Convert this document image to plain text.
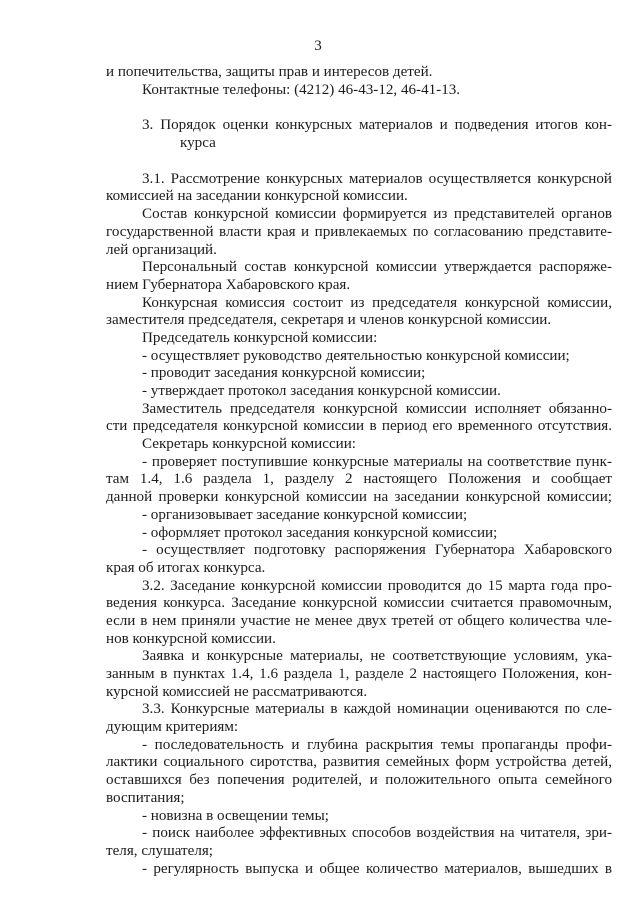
3
и попечительства, защиты прав и интересов детей.
Контактные телефоны: (4212) 46-43-12, 46-41-13.
3. Порядок оценки конкурсных материалов и подведения итогов кон-
курса
3.1. Рассмотрение конкурсных материалов осуществляется конкурсной
комиссией на заседании конкурсной комиссии.
Состав конкурсной комиссии формируется из представителей органов
государственной власти края и привлекаемых по согласованию представите-
лей организаций.
Персональный состав конкурсной комиссии утверждается распоряже-
нием Губернатора Хабаровского края.
Конкурсная комиссия состоит из председателя конкурсной комиссии,
заместителя председателя, секретаря и членов конкурсной комиссии.
Председатель конкурсной комиссии:
- осуществляет руководство деятельностью конкурсной комиссии;
- проводит заседания конкурсной комиссии;
- утверждает протокол заседания конкурсной комиссии.
Заместитель председателя конкурсной комиссии исполняет обязанно-
сти председателя конкурсной комиссии в период его временного отсутствия.
Секретарь конкурсной комиссии:
- проверяет поступившие конкурсные материалы на соответствие пунк-
там 1.4, 1.6 раздела 1, разделу 2 настоящего Положения и сообщает
данной проверки конкурсной комиссии на заседании конкурсной комиссии;
- организовывает заседание конкурсной комиссии;
- оформляет протокол заседания конкурсной комиссии;
- осуществляет подготовку распоряжения Губернатора Хабаровского
края об итогах конкурса.
3.2. Заседание конкурсной комиссии проводится до 15 марта года про-
ведения конкурса. Заседание конкурсной комиссии считается правомочным,
если в нем приняли участие не менее двух третей от общего количества чле-
нов конкурсной комиссии.
Заявка и конкурсные материалы, не соответствующие условиям, ука-
занным в пунктах 1.4, 1.6 раздела 1, разделе 2 настоящего Положения, кон-
курсной комиссией не рассматриваются.
3.3. Конкурсные материалы в каждой номинации оцениваются по сле-
дующим критериям:
- последовательность и глубина раскрытия темы пропаганды профи-
лактики социального сиротства, развития семейных форм устройства детей,
оставшихся без попечения родителей, и положительного опыта семейного
воспитания;
- новизна в освещении темы;
- поиск наиболее эффективных способов воздействия на читателя, зри-
теля, слушателя;
- регулярность выпуска и общее количество материалов, вышедших в
